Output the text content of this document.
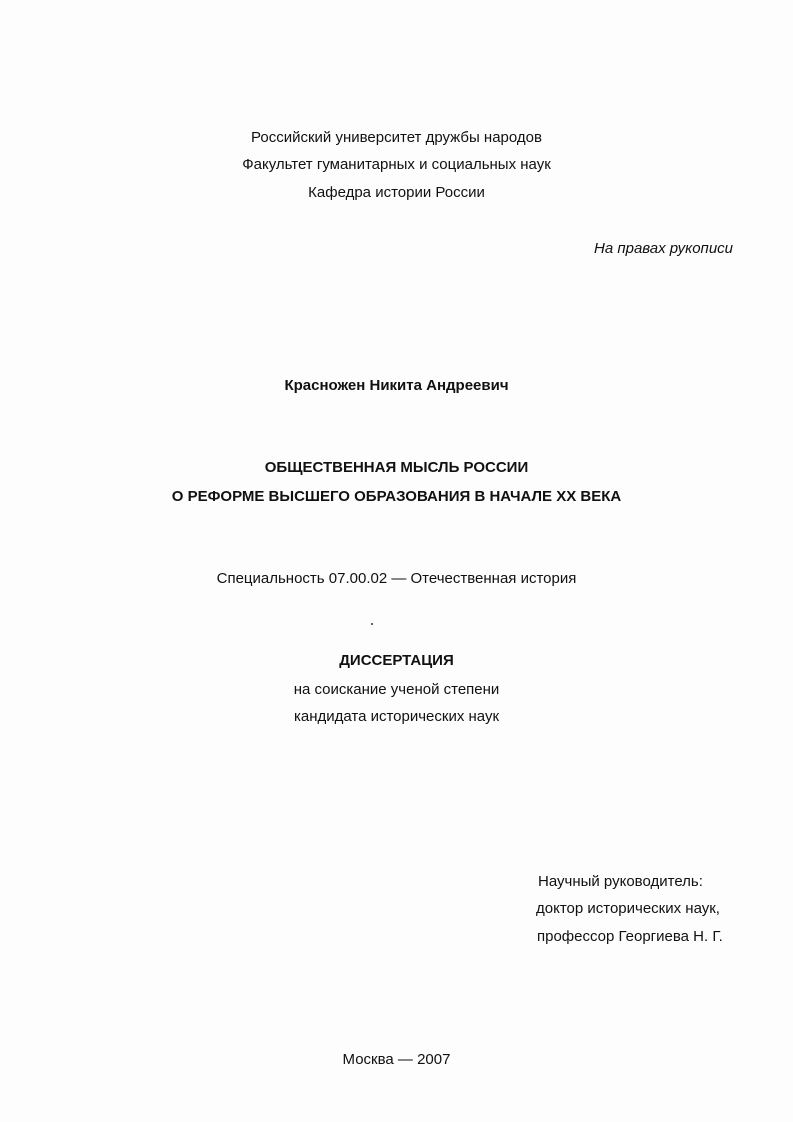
Российский университет дружбы народов
Факультет гуманитарных и социальных наук
Кафедра истории России
На правах рукописи
Красножен Никита Андреевич
ОБЩЕСТВЕННАЯ МЫСЛЬ РОССИИ
О РЕФОРМЕ ВЫСШЕГО ОБРАЗОВАНИЯ В НАЧАЛЕ XX ВЕКА
Специальность 07.00.02 — Отечественная история
ДИССЕРТАЦИЯ
на соискание ученой степени
кандидата исторических наук
Научный руководитель:
доктор исторических наук,
профессор Георгиева Н. Г.
Москва — 2007
